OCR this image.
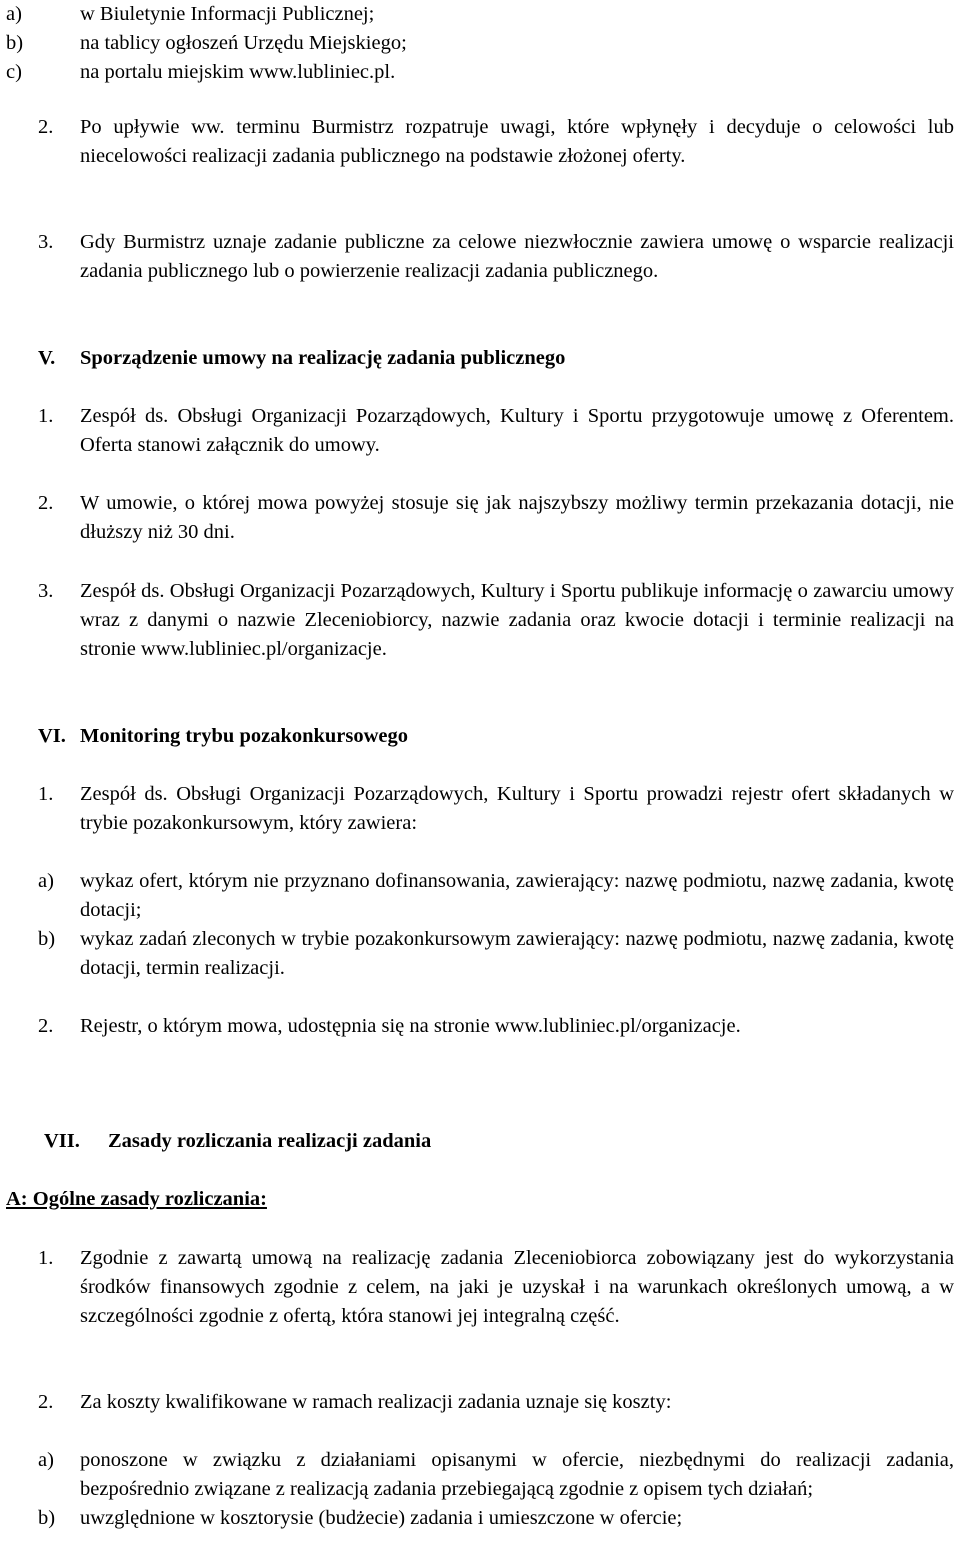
a)	w Biuletynie Informacji Publicznej;
b)	na tablicy ogłoszeń Urzędu Miejskiego;
c)	na portalu miejskim www.lubliniec.pl.
2. Po upływie ww. terminu Burmistrz rozpatruje uwagi, które wpłynęły i decyduje o celowości lub niecelowości realizacji zadania publicznego na podstawie złożonej oferty.
3. Gdy Burmistrz uznaje zadanie publiczne za celowe niezwłocznie zawiera umowę o wsparcie realizacji zadania publicznego lub o powierzenie realizacji zadania publicznego.
V. Sporządzenie umowy na realizację zadania publicznego
1. Zespół ds. Obsługi Organizacji Pozarządowych, Kultury i Sportu przygotowuje umowę z Oferentem. Oferta stanowi załącznik do umowy.
2. W umowie, o której mowa powyżej stosuje się jak najszybszy możliwy termin przekazania dotacji, nie dłuższy niż 30 dni.
3. Zespół ds. Obsługi Organizacji Pozarządowych, Kultury i Sportu publikuje informację o zawarciu umowy wraz z danymi o nazwie Zleceniobiorcy, nazwie zadania oraz kwocie dotacji i terminie realizacji na stronie www.lubliniec.pl/organizacje.
VI. Monitoring trybu pozakonkursowego
1. Zespół ds. Obsługi Organizacji Pozarządowych, Kultury i Sportu prowadzi rejestr ofert składanych w trybie pozakonkursowym, który zawiera:
a) wykaz ofert, którym nie przyznano dofinansowania, zawierający: nazwę podmiotu, nazwę zadania, kwotę dotacji;
b) wykaz zadań zleconych w trybie pozakonkursowym zawierający: nazwę podmiotu, nazwę zadania, kwotę dotacji, termin realizacji.
2. Rejestr, o którym mowa, udostępnia się na stronie www.lubliniec.pl/organizacje.
VII. Zasady rozliczania realizacji zadania
A: Ogólne zasady rozliczania:
1. Zgodnie z zawartą umową na realizację zadania Zleceniobiorca zobowiązany jest do wykorzystania środków finansowych zgodnie z celem, na jaki je uzyskał i na warunkach określonych umową, a w szczególności zgodnie z ofertą, która stanowi jej integralną część.
2. Za koszty kwalifikowane w ramach realizacji zadania uznaje się koszty:
a) ponoszone w związku z działaniami opisanymi w ofercie, niezbędnymi do realizacji zadania, bezpośrednio związane z realizacją zadania przebiegającą zgodnie z opisem tych działań;
b) uwzględnione w kosztorysie (budżecie) zadania i umieszczone w ofercie;
